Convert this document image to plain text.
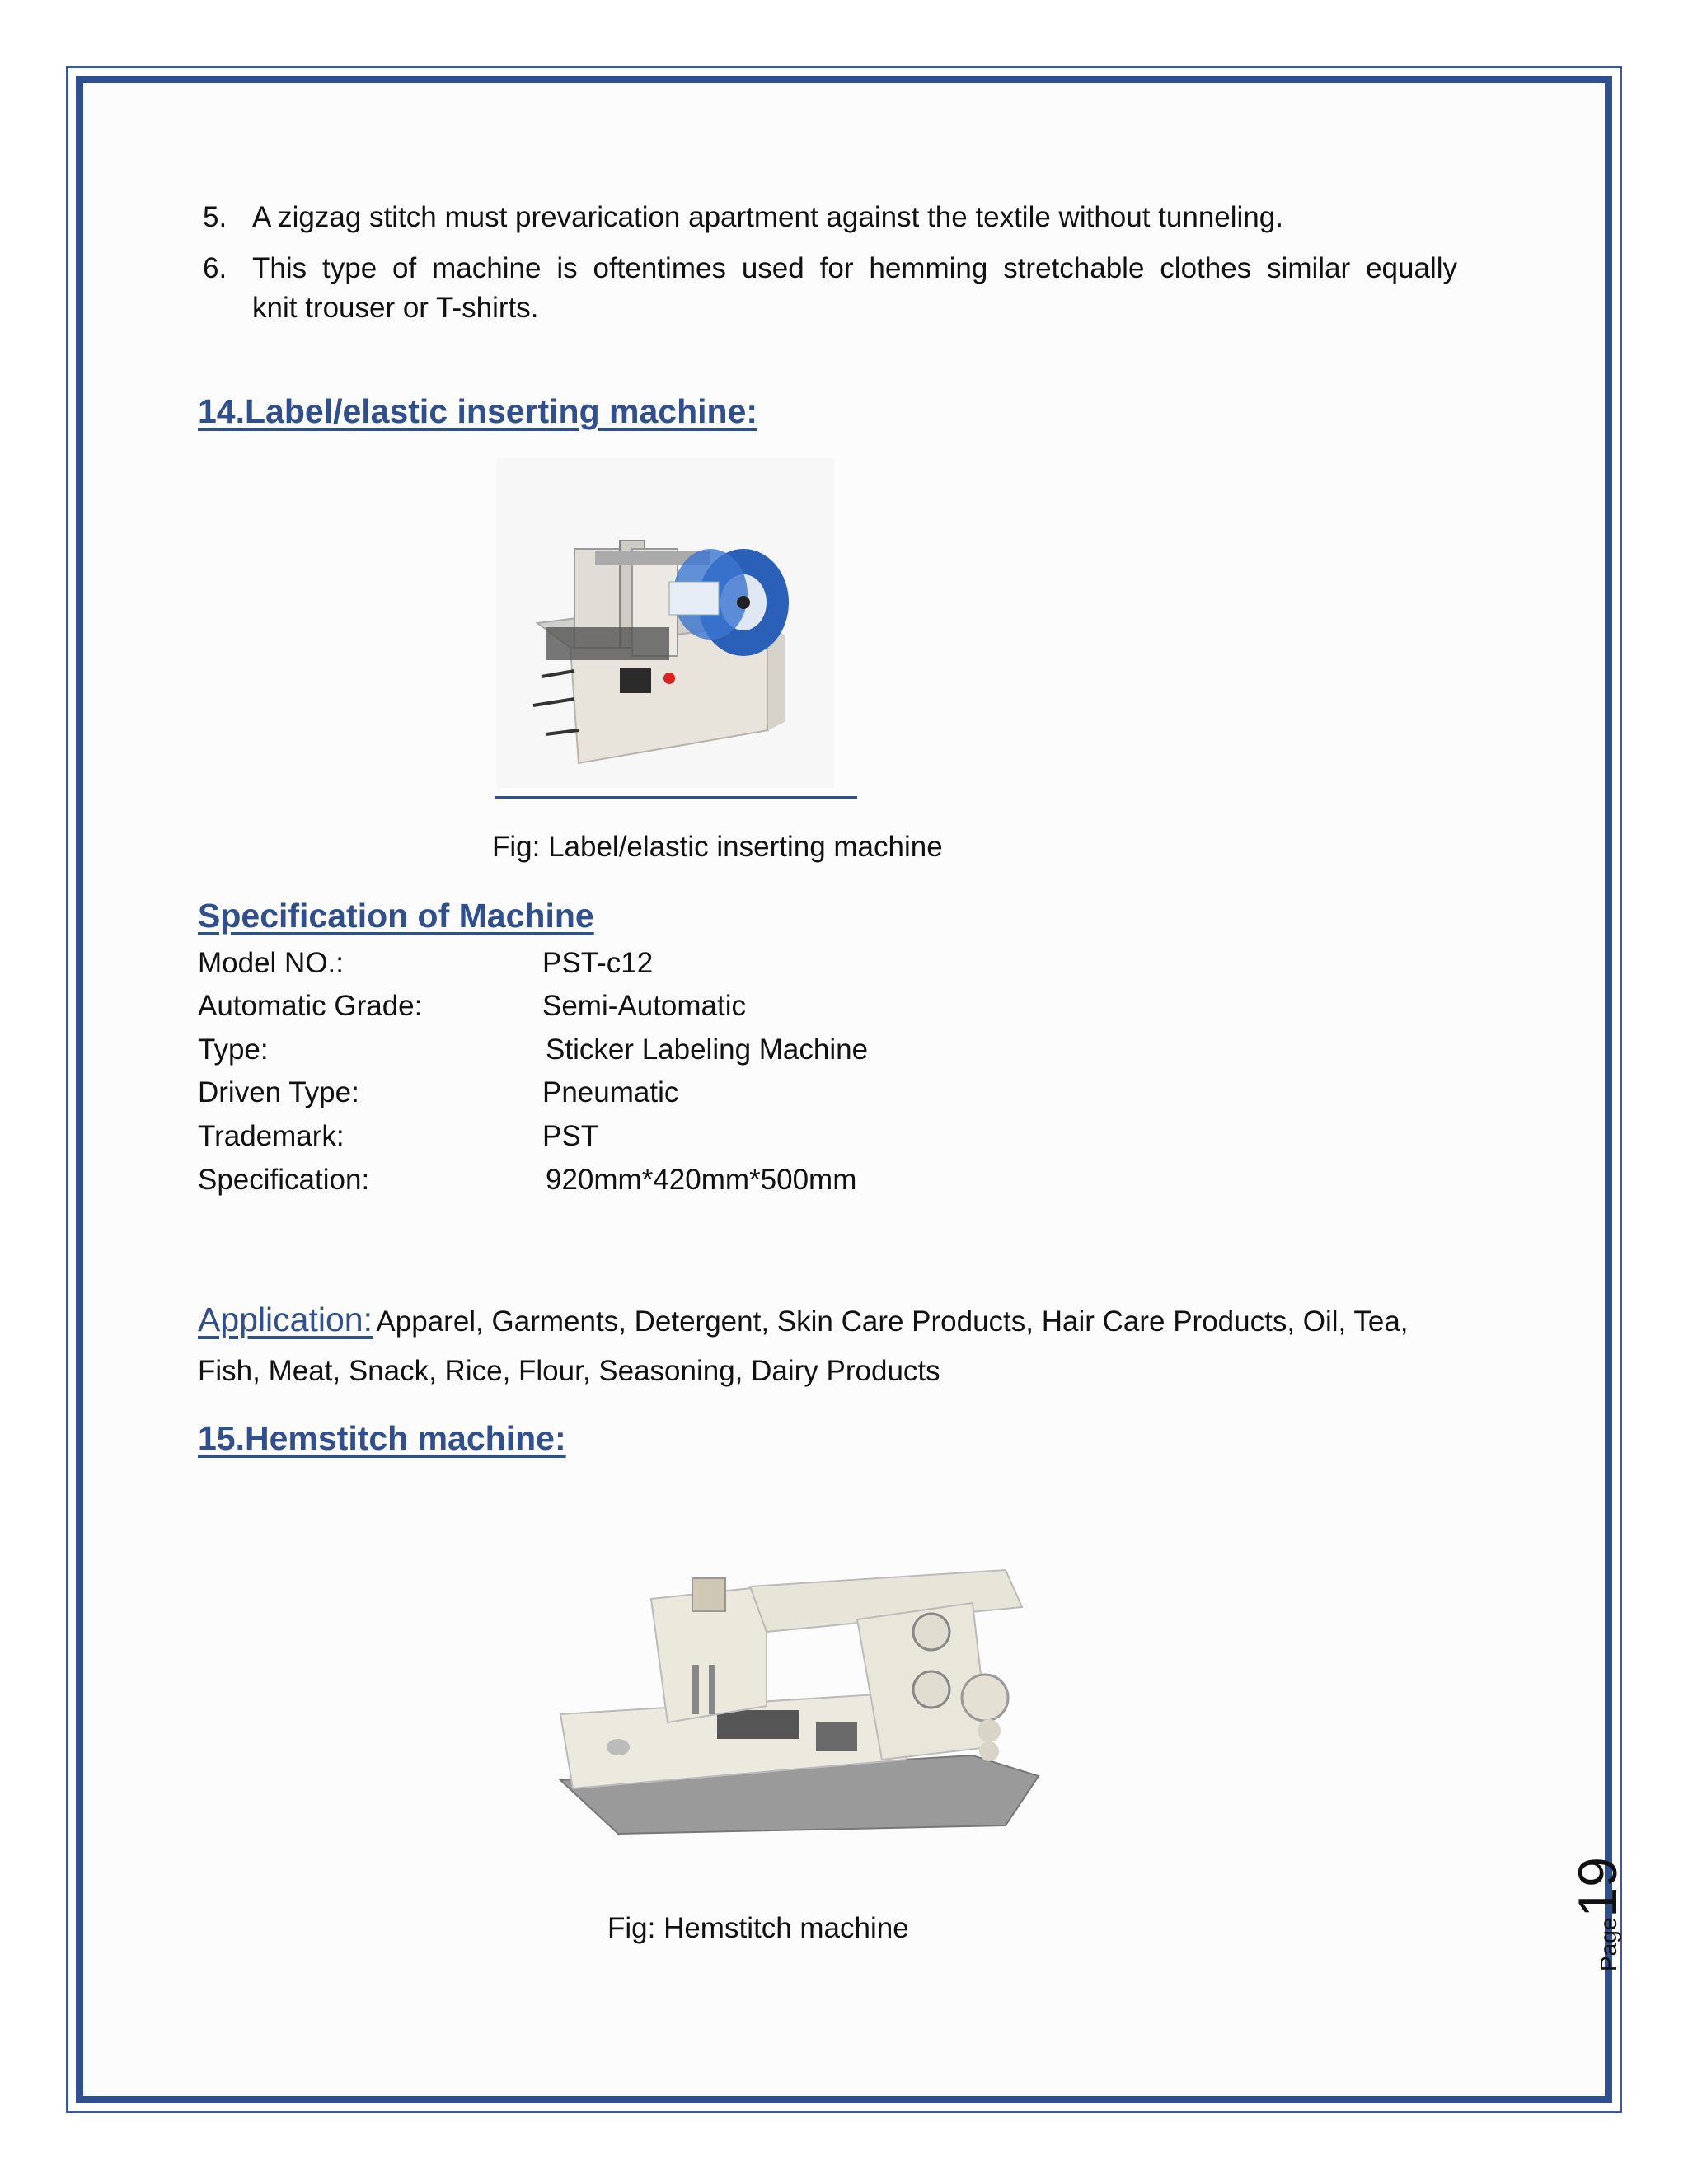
5. A zigzag stitch must prevarication apartment against the textile without tunneling.
6. This type of machine is oftentimes used for hemming stretchable clothes similar equally
knit trouser or T-shirts.
14.Label/elastic inserting machine:
Fig: Label/elastic inserting machine
Specification of Machine
Model NO.:	PST-c12
Automatic Grade:	Semi-Automatic
Type:	Sticker Labeling Machine
Driven Type:	Pneumatic
Trademark:	PST
Specification:	920mm*420mm*500mm
Application: Apparel, Garments, Detergent, Skin Care Products, Hair Care Products, Oil, Tea,
Fish, Meat, Snack, Rice, Flour, Seasoning, Dairy Products
15.Hemstitch machine:
Fig: Hemstitch machine	Page19
